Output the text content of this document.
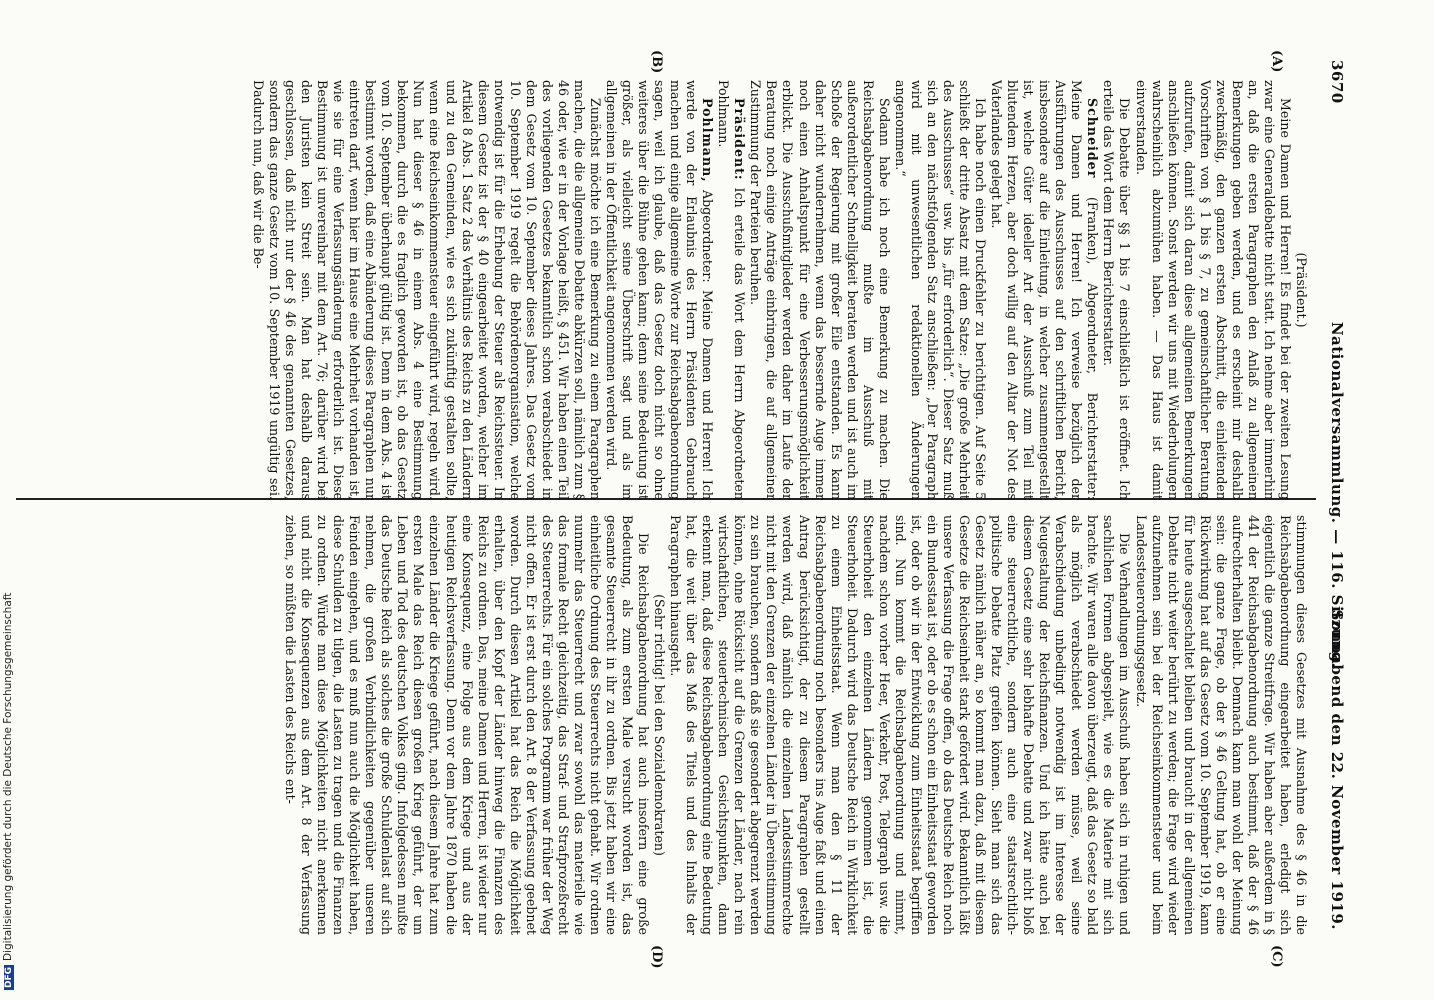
3670
Nationalversammlung. — 116. Sitzung.
Sonnabend den 22. November 1919.
(A)
(B)
(C)
(D)

(Präsident.)

Meine Damen und Herren! Es findet bei der zweiten Lesung zwar eine Generaldebatte nicht statt. Ich nehme aber immerhin an, daß die ersten Paragraphen den Anlaß zu allgemeinen Bemerkungen geben werden, und es erscheint mir deshalb zweckmäßig, den ganzen ersten Abschnitt, die einleitenden Vorschriften von § 1 bis § 7, zu gemeinschaftlicher Beratung aufzurufen, damit sich daran diese allgemeinen Bemerkungen anschließen können. Sonst werden wir uns mit Wiederholungen wahrscheinlich abzumühen haben. — Das Haus ist damit einverstanden.

Die Debatte über §§ 1 bis 7 einschließlich ist eröffnet. Ich erteile das Wort dem Herrn Berichterstatter.

Schneider (Franken), Abgeordneter, Berichterstatter: Meine Damen und Herren! Ich verweise bezüglich der Ausführungen des Ausschusses auf den schriftlichen Bericht, insbesondere auf die Einleitung, in welcher zusammengestellt ist, welche Güter ideeller Art der Ausschuß zum Teil mit blutendem Herzen, aber doch willig auf den Altar der Not des Vaterlandes gelegt hat.

Ich habe noch einen Druckfehler zu berichtigen. Auf Seite 5 schließt der dritte Absatz mit dem Satze: „Die große Mehrheit des Ausschusses“ usw. bis „für erforderlich“. Dieser Satz muß sich an den nächstfolgenden Satz anschließen: „Der Paragraph wird mit unwesentlichen redaktionellen Änderungen angenommen.“

Sodann habe ich noch eine Bemerkung zu machen. Die Reichsabgabenordnung mußte im Ausschuß mit außerordentlicher Schnelligkeit beraten werden und ist auch im Schoße der Regierung mit großer Eile entstanden. Es kann daher nicht wundernehmen, wenn das bessernde Auge immer noch einen Anhaltspunkt für eine Verbesserungsmöglichkeit erblickt. Die Ausschußmitglieder werden daher im Laufe der Beratung noch einige Anträge einbringen, die auf allgemeiner Zustimmung der Parteien beruhen.

Präsident: Ich erteile das Wort dem Herrn Abgeordneten Pohlmann.

Pohlmann, Abgeordneter: Meine Damen und Herren! Ich werde von der Erlaubnis des Herrn Präsidenten Gebrauch machen und einige allgemeine Worte zur Reichsabgabenordnung sagen, weil ich glaube, daß das Gesetz doch nicht so ohne weiteres über die Bühne gehen kann; denn seine Bedeutung ist größer, als vielleicht seine Überschrift sagt und als im allgemeinen in der Öffentlichkeit angenommen werden wird.

Zunächst möchte ich eine Bemerkung zu einem Paragraphen machen, die die allgemeine Debatte abkürzen soll, nämlich zum § 46 oder, wie er in der Vorlage heißt, § 451. Wir haben einen Teil des vorliegenden Gesetzes bekanntlich schon verabschiedet in dem Gesetz vom 10. September dieses Jahres. Das Gesetz vom 10. September 1919 regelt die Behördenorganisation, welche notwendig ist für die Erhebung der Steuer als Reichssteuer. In diesem Gesetz ist der § 40 eingearbeitet worden, welcher im Artikel 8 Abs. 1 Satz 2 das Verhältnis des Reichs zu den Ländern und zu den Gemeinden, wie es sich zukünftig gestalten sollte, wenn eine Reichseinkommensteuer eingeführt wird, regeln wird. Nun hat dieser § 46 in einem Abs. 4 eine Bestimmung bekommen, durch die es fraglich geworden ist, ob das Gesetz vom 10. September überhaupt gültig ist. Denn in dem Abs. 4 ist bestimmt worden, daß eine Abänderung dieses Paragraphen nur eintreten darf, wenn hier im Hause eine Mehrheit vorhanden ist, wie sie für eine Verfassungsänderung erforderlich ist. Diese Bestimmung ist unvereinbar mit dem Art. 76; darüber wird bei den Juristen kein Streit sein. Man hat deshalb daraus geschlossen, daß nicht nur der § 46 des genannten Gesetzes, sondern das ganze Gesetz vom 10. September 1919 ungültig sei. Dadurch nun, daß wir die Be-

stimmungen dieses Gesetzes mit Ausnahme des § 46 in die Reichsabgabenordnung eingearbeitet haben, erledigt sich eigentlich die ganze Streitfrage. Wir haben aber außerdem in § 441 der Reichsabgabenordnung auch bestimmt, daß der § 46 aufrechterhalten bleibt. Demnach kann man wohl der Meinung sein: die ganze Frage, ob der § 46 Geltung hat, ob er eine Rückwirkung hat auf das Gesetz vom 10. September 1919, kann für heute ausgeschaltet bleiben und braucht in der allgemeinen Debatte nicht weiter berührt zu werden; die Frage wird wieder aufzunehmen sein bei der Reichseinkommensteuer und beim Landessteuerordnungsgesetz.

Die Verhandlungen im Ausschuß haben sich in ruhigen und sachlichen Formen abgespielt, wie es die Materie mit sich brachte. Wir waren alle davon überzeugt, daß das Gesetz so bald als möglich verabschiedet werden müsse, weil seine Verabschiedung unbedingt notwendig ist im Interesse der Neugestaltung der Reichsfinanzen. Und ich hätte auch bei diesem Gesetz eine sehr lebhafte Debatte und zwar nicht bloß eine steuerrechtliche, sondern auch eine staatsrechtlich-politische Debatte Platz greifen können. Sieht man sich das Gesetz nämlich näher an, so kommt man dazu, daß mit diesem Gesetze die Reichseinheit stark gefördert wird. Bekanntlich läßt unsere Verfassung die Frage offen, ob das Deutsche Reich noch ein Bundesstaat ist, oder ob es schon ein Einheitsstaat geworden ist, oder ob wir in der Entwicklung zum Einheitsstaat begriffen sind. Nun kommt die Reichsabgabenordnung und nimmt, nachdem schon vorher Heer, Verkehr, Post, Telegraph usw. die Steuerhoheit den einzelnen Ländern genommen ist, die Steuerhoheit. Dadurch wird das Deutsche Reich in Wirklichkeit zu einem Einheitsstaat. Wenn man den § 11 der Reichsabgabenordnung noch besonders ins Auge faßt und einen Antrag berücksichtigt, der zu diesem Paragraphen gestellt werden wird, daß nämlich die einzelnen Landesstimmrechte nicht mit den Grenzen der einzelnen Länder in Übereinstimmung zu sein brauchen, sondern daß sie gesondert abgegrenzt werden können, ohne Rücksicht auf die Grenzen der Länder, nach rein wirtschaftlichen, steuertechnischen Gesichtspunkten, dann erkennt man, daß diese Reichsabgabenordnung eine Bedeutung hat, die weit über das Maß des Titels und des Inhalts der Paragraphen hinausgeht.

(Sehr richtig! bei den Sozialdemokraten)

Die Reichsabgabenordnung hat auch insofern eine große Bedeutung, als zum ersten Male versucht worden ist, das gesamte Steuerrecht in ihr zu ordnen. Bis jetzt haben wir eine einheitliche Ordnung des Steuerrechts nicht gehabt. Wir ordnen nunmehr das Steuerrecht und zwar sowohl das materielle wie das formale Recht gleichzeitig, das Straf- und Strafprozeßrecht des Steuerrechts. Für ein solches Programm war früher der Weg nicht offen. Er ist erst durch den Art. 8 der Verfassung geebnet worden. Durch diesen Artikel hat das Reich die Möglichkeit erhalten, über den Kopf der Länder hinweg die Finanzen des Reichs zu ordnen. Das, meine Damen und Herren, ist wieder nur eine Konsequenz, eine Folge aus dem Kriege und aus der heutigen Reichsverfassung. Denn vor dem Jahre 1870 haben die einzelnen Länder die Kriege geführt, nach diesem Jahre hat zum ersten Male das Reich diesen großen Krieg geführt, der um Leben und Tod des deutschen Volkes ging. Infolgedessen mußte das Deutsche Reich als solches die große Schuldenlast auf sich nehmen, die großen Verbindlichkeiten gegenüber unseren Feinden eingehen, und es muß nun auch die Möglichkeit haben, diese Schulden zu tilgen, die Lasten zu tragen und die Finanzen zu ordnen. Würde man diese Möglichkeiten nicht anerkennen und nicht die Konsequenzen aus dem Art. 8 der Verfassung ziehen, so müßten die Lasten des Reichs ent-

DFGDigitalisierung gefördert durch die Deutsche Forschungsgemeinschaft
